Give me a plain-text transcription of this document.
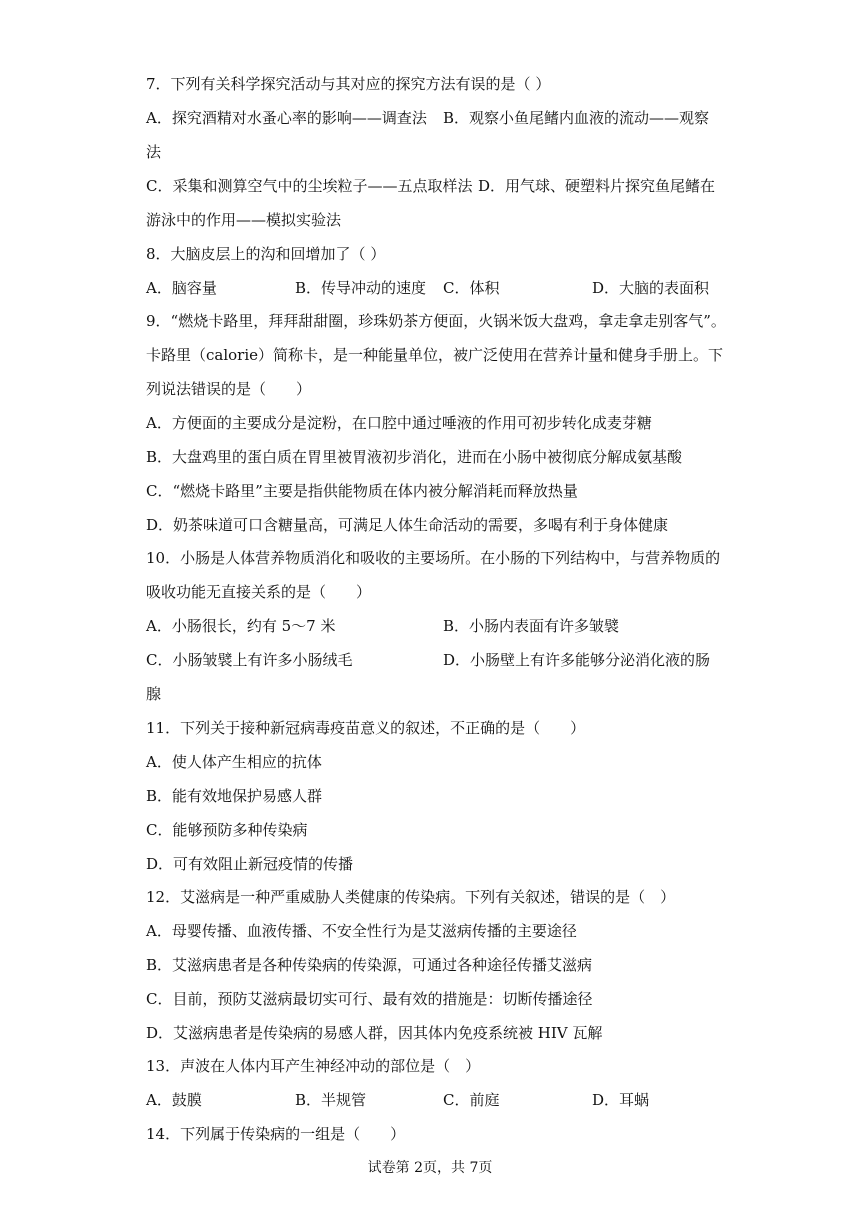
7．下列有关科学探究活动与其对应的探究方法有误的是（ ）
A．探究酒精对水蚤心率的影响——调查法 B．观察小鱼尾鳍内血液的流动——观察
法
C．采集和测算空气中的尘埃粒子——五点取样法 D．用气球、硬塑料片探究鱼尾鳍在
游泳中的作用——模拟实验法
8．大脑皮层上的沟和回增加了（ ）
A．脑容量	B．传导冲动的速度 C．体积	D．大脑的表面积
9．“燃烧卡路里，拜拜甜甜圈，珍珠奶茶方便面，火锅米饭大盘鸡，拿走拿走别客气”。
卡路里（calorie）简称卡，是一种能量单位，被广泛使用在营养计量和健身手册上。下
列说法错误的是（　　）
A．方便面的主要成分是淀粉，在口腔中通过唾液的作用可初步转化成麦芽糖
B．大盘鸡里的蛋白质在胃里被胃液初步消化，进而在小肠中被彻底分解成氨基酸
C．“燃烧卡路里”主要是指供能物质在体内被分解消耗而释放热量
D．奶茶味道可口含糖量高，可满足人体生命活动的需要，多喝有利于身体健康
10．小肠是人体营养物质消化和吸收的主要场所。在小肠的下列结构中，与营养物质的
吸收功能无直接关系的是（　　）
A．小肠很长，约有 5～7 米	B．小肠内表面有许多皱襞
C．小肠皱襞上有许多小肠绒毛	D．小肠壁上有许多能够分泌消化液的肠
腺
11．下列关于接种新冠病毒疫苗意义的叙述，不正确的是（　　）
A．使人体产生相应的抗体
B．能有效地保护易感人群
C．能够预防多种传染病
D．可有效阻止新冠疫情的传播
12．艾滋病是一种严重威胁人类健康的传染病。下列有关叙述，错误的是（　）
A．母婴传播、血液传播、不安全性行为是艾滋病传播的主要途径
B．艾滋病患者是各种传染病的传染源，可通过各种途径传播艾滋病
C．目前，预防艾滋病最切实可行、最有效的措施是：切断传播途径
D．艾滋病患者是传染病的易感人群，因其体内免疫系统被 HIV 瓦解
13．声波在人体内耳产生神经冲动的部位是（　）
A．鼓膜	B．半规管	C．前庭	D．耳蜗
14．下列属于传染病的一组是（　　）
试卷第 2页，共 7页
